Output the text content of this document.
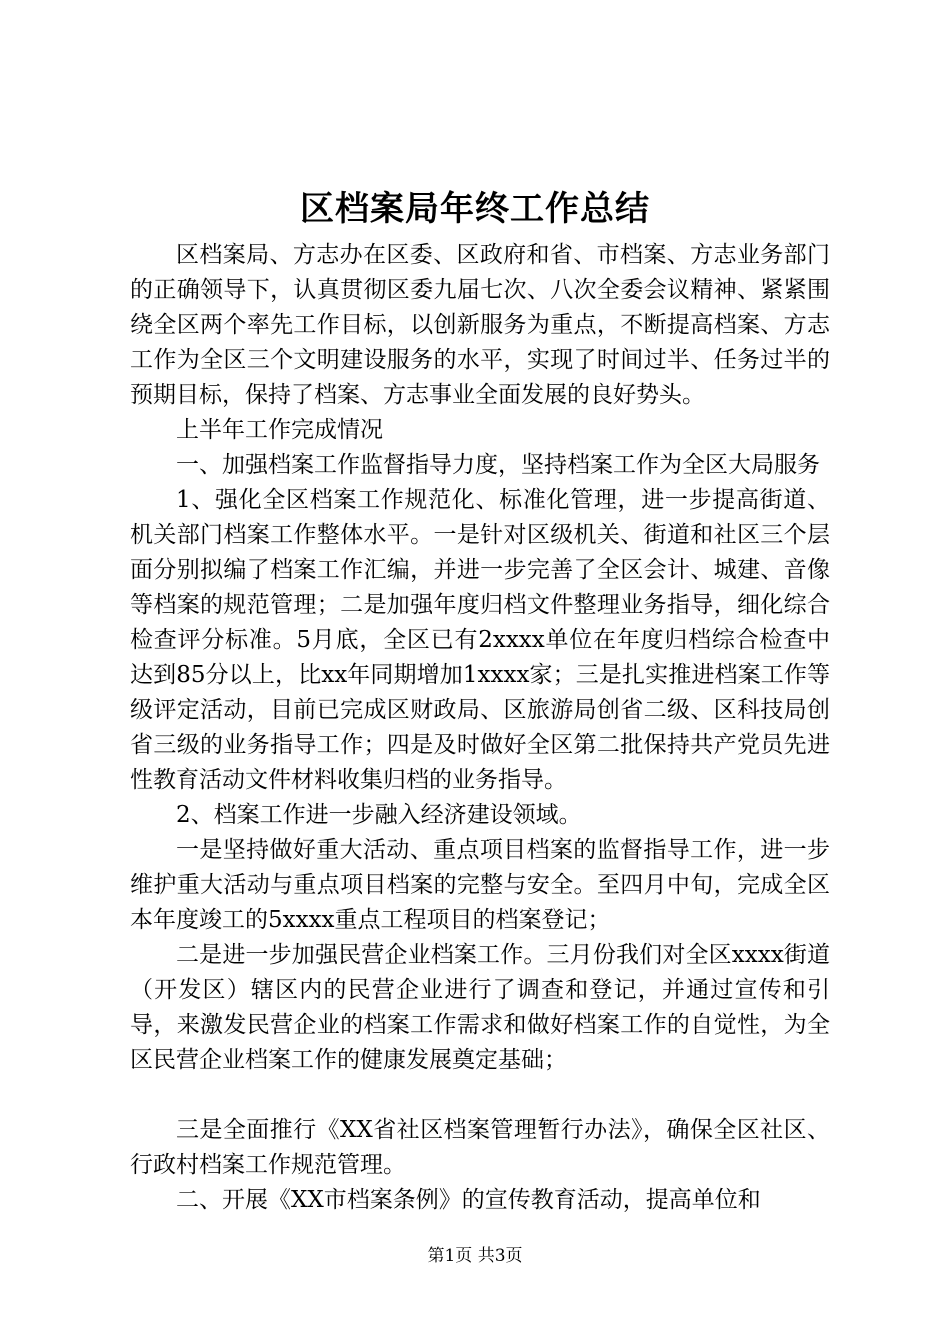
区档案局年终工作总结

区档案局、方志办在区委、区政府和省、市档案、方志业务部门的正确领导下，认真贯彻区委九届七次、八次全委会议精神、紧紧围绕全区两个率先工作目标，以创新服务为重点，不断提高档案、方志工作为全区三个文明建设服务的水平，实现了时间过半、任务过半的预期目标，保持了档案、方志事业全面发展的良好势头。

上半年工作完成情况

一、加强档案工作监督指导力度，坚持档案工作为全区大局服务

1、强化全区档案工作规范化、标准化管理，进一步提高街道、机关部门档案工作整体水平。一是针对区级机关、街道和社区三个层面分别拟编了档案工作汇编，并进一步完善了全区会计、城建、音像等档案的规范管理；二是加强年度归档文件整理业务指导，细化综合检查评分标准。5月底，全区已有2xxxx单位在年度归档综合检查中达到85分以上，比xx年同期增加1xxxx家；三是扎实推进档案工作等级评定活动，目前已完成区财政局、区旅游局创省二级、区科技局创省三级的业务指导工作；四是及时做好全区第二批保持共产党员先进性教育活动文件材料收集归档的业务指导。

2、档案工作进一步融入经济建设领域。

一是坚持做好重大活动、重点项目档案的监督指导工作，进一步维护重大活动与重点项目档案的完整与安全。至四月中旬，完成全区本年度竣工的5xxxx重点工程项目的档案登记；

二是进一步加强民营企业档案工作。三月份我们对全区xxxx街道（开发区）辖区内的民营企业进行了调查和登记，并通过宣传和引导，来激发民营企业的档案工作需求和做好档案工作的自觉性，为全区民营企业档案工作的健康发展奠定基础；

三是全面推行《XX省社区档案管理暂行办法》，确保全区社区、行政村档案工作规范管理。

二、开展《XX市档案条例》的宣传教育活动，提高单位和

第1页 共3页
